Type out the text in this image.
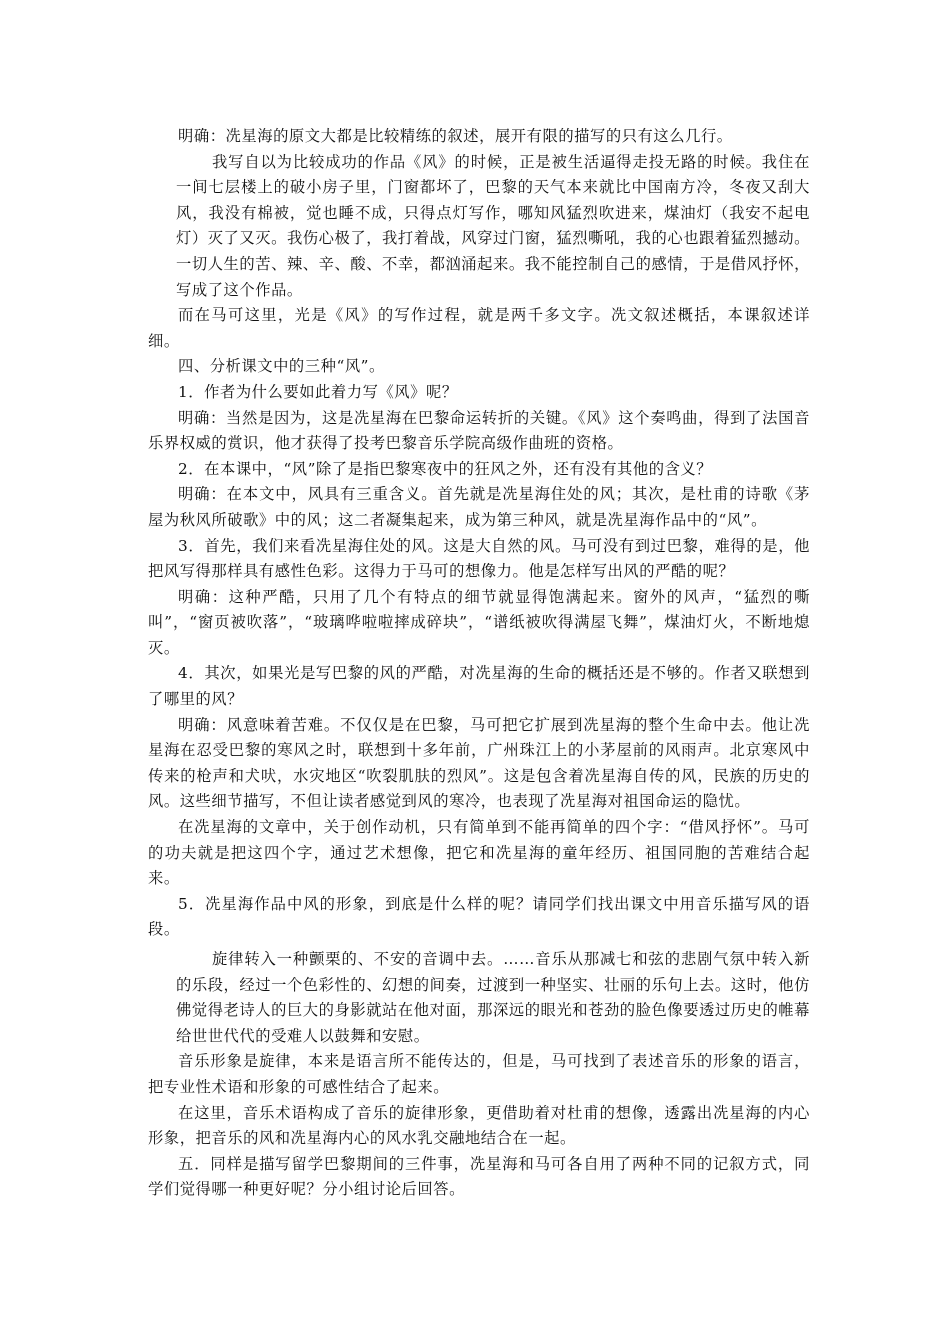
明确：冼星海的原文大都是比较精练的叙述，展开有限的描写的只有这么几行。

我写自以为比较成功的作品《风》的时候，正是被生活逼得走投无路的时候。我住在一间七层楼上的破小房子里，门窗都坏了，巴黎的天气本来就比中国南方冷，冬夜又刮大风，我没有棉被，觉也睡不成，只得点灯写作，哪知风猛烈吹进来，煤油灯（我安不起电灯）灭了又灭。我伤心极了，我打着战，风穿过门窗，猛烈嘶吼，我的心也跟着猛烈撼动。一切人生的苦、辣、辛、酸、不幸，都汹涌起来。我不能控制自己的感情，于是借风抒怀，写成了这个作品。

而在马可这里，光是《风》的写作过程，就是两千多文字。冼文叙述概括，本课叙述详细。

四、分析课文中的三种“风”。

1．作者为什么要如此着力写《风》呢？

明确：当然是因为，这是冼星海在巴黎命运转折的关键。《风》这个奏鸣曲，得到了法国音乐界权威的赏识，他才获得了投考巴黎音乐学院高级作曲班的资格。

2．在本课中，“风”除了是指巴黎寒夜中的狂风之外，还有没有其他的含义？

明确：在本文中，风具有三重含义。首先就是冼星海住处的风；其次，是杜甫的诗歌《茅屋为秋风所破歌》中的风；这二者凝集起来，成为第三种风，就是冼星海作品中的“风”。

3．首先，我们来看冼星海住处的风。这是大自然的风。马可没有到过巴黎，难得的是，他把风写得那样具有感性色彩。这得力于马可的想像力。他是怎样写出风的严酷的呢？

明确：这种严酷，只用了几个有特点的细节就显得饱满起来。窗外的风声，“猛烈的嘶叫”，“窗页被吹落”，“玻璃哗啦啦摔成碎块”，“谱纸被吹得满屋飞舞”，煤油灯火，不断地熄灭。

4．其次，如果光是写巴黎的风的严酷，对冼星海的生命的概括还是不够的。作者又联想到了哪里的风？

明确：风意味着苦难。不仅仅是在巴黎，马可把它扩展到冼星海的整个生命中去。他让冼星海在忍受巴黎的寒风之时，联想到十多年前，广州珠江上的小茅屋前的风雨声。北京寒风中传来的枪声和犬吠，水灾地区“吹裂肌肤的烈风”。这是包含着冼星海自传的风，民族的历史的风。这些细节描写，不但让读者感觉到风的寒冷，也表现了冼星海对祖国命运的隐忧。

在冼星海的文章中，关于创作动机，只有简单到不能再简单的四个字：“借风抒怀”。马可的功夫就是把这四个字，通过艺术想像，把它和冼星海的童年经历、祖国同胞的苦难结合起来。

5．冼星海作品中风的形象，到底是什么样的呢？请同学们找出课文中用音乐描写风的语段。

旋律转入一种颤栗的、不安的音调中去。……音乐从那减七和弦的悲剧气氛中转入新的乐段，经过一个色彩性的、幻想的间奏，过渡到一种坚实、壮丽的乐句上去。这时，他仿佛觉得老诗人的巨大的身影就站在他对面，那深远的眼光和苍劲的脸色像要透过历史的帷幕给世世代代的受难人以鼓舞和安慰。

音乐形象是旋律，本来是语言所不能传达的，但是，马可找到了表述音乐的形象的语言，把专业性术语和形象的可感性结合了起来。

在这里，音乐术语构成了音乐的旋律形象，更借助着对杜甫的想像，透露出冼星海的内心形象，把音乐的风和冼星海内心的风水乳交融地结合在一起。

五．同样是描写留学巴黎期间的三件事，冼星海和马可各自用了两种不同的记叙方式，同学们觉得哪一种更好呢？分小组讨论后回答。
